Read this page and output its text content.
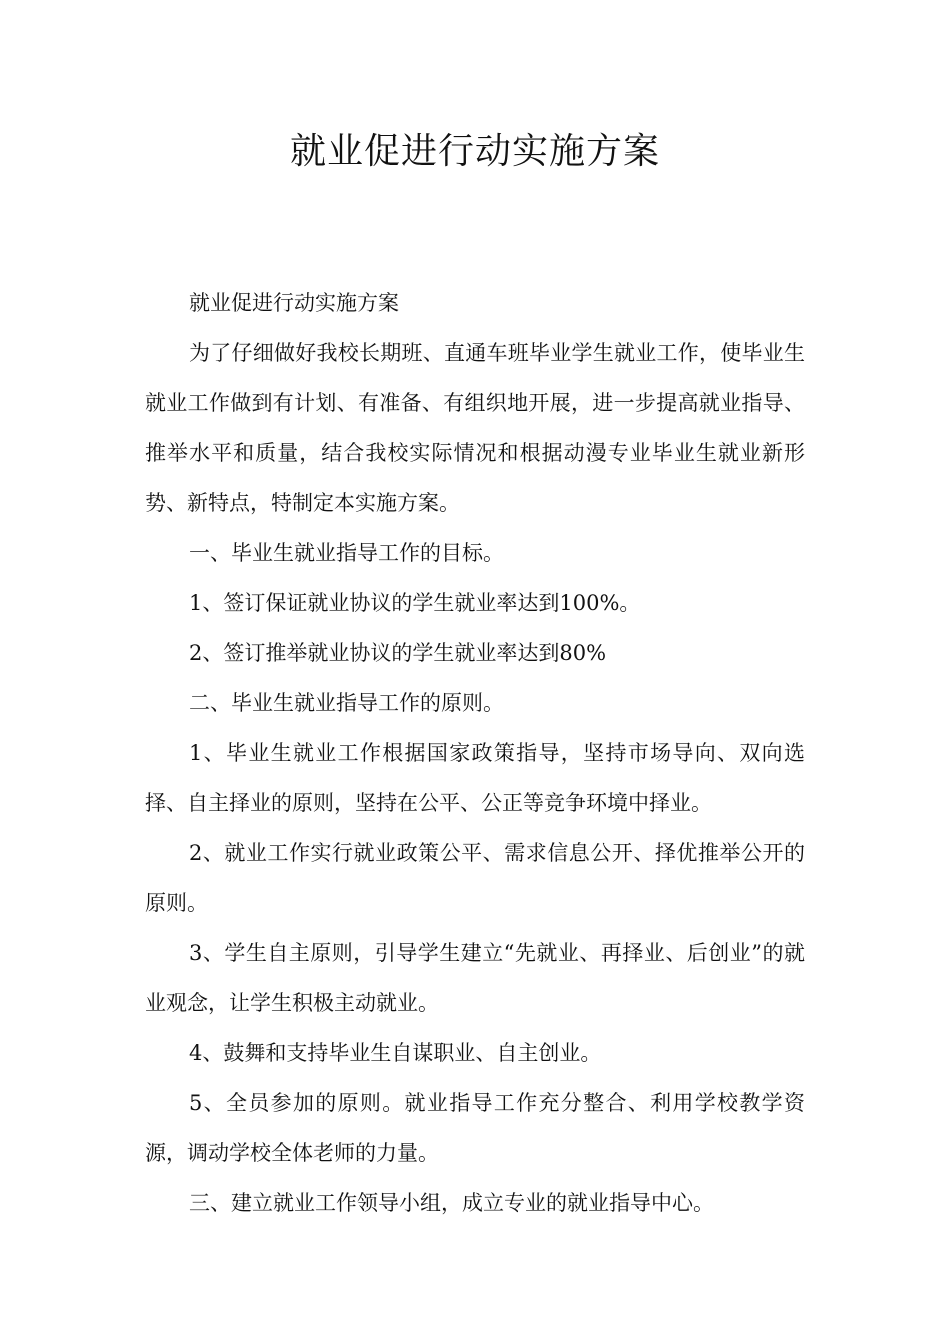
就业促进行动实施方案

就业促进行动实施方案

为了仔细做好我校长期班、直通车班毕业学生就业工作，使毕业生就业工作做到有计划、有准备、有组织地开展，进一步提高就业指导、推举水平和质量，结合我校实际情况和根据动漫专业毕业生就业新形势、新特点，特制定本实施方案。

一、毕业生就业指导工作的目标。

1、签订保证就业协议的学生就业率达到100%。

2、签订推举就业协议的学生就业率达到80%

二、毕业生就业指导工作的原则。

1、毕业生就业工作根据国家政策指导，坚持市场导向、双向选择、自主择业的原则，坚持在公平、公正等竞争环境中择业。

2、就业工作实行就业政策公平、需求信息公开、择优推举公开的原则。

3、学生自主原则，引导学生建立“先就业、再择业、后创业”的就业观念，让学生积极主动就业。

4、鼓舞和支持毕业生自谋职业、自主创业。

5、全员参加的原则。就业指导工作充分整合、利用学校教学资源，调动学校全体老师的力量。

三、建立就业工作领导小组，成立专业的就业指导中心。
